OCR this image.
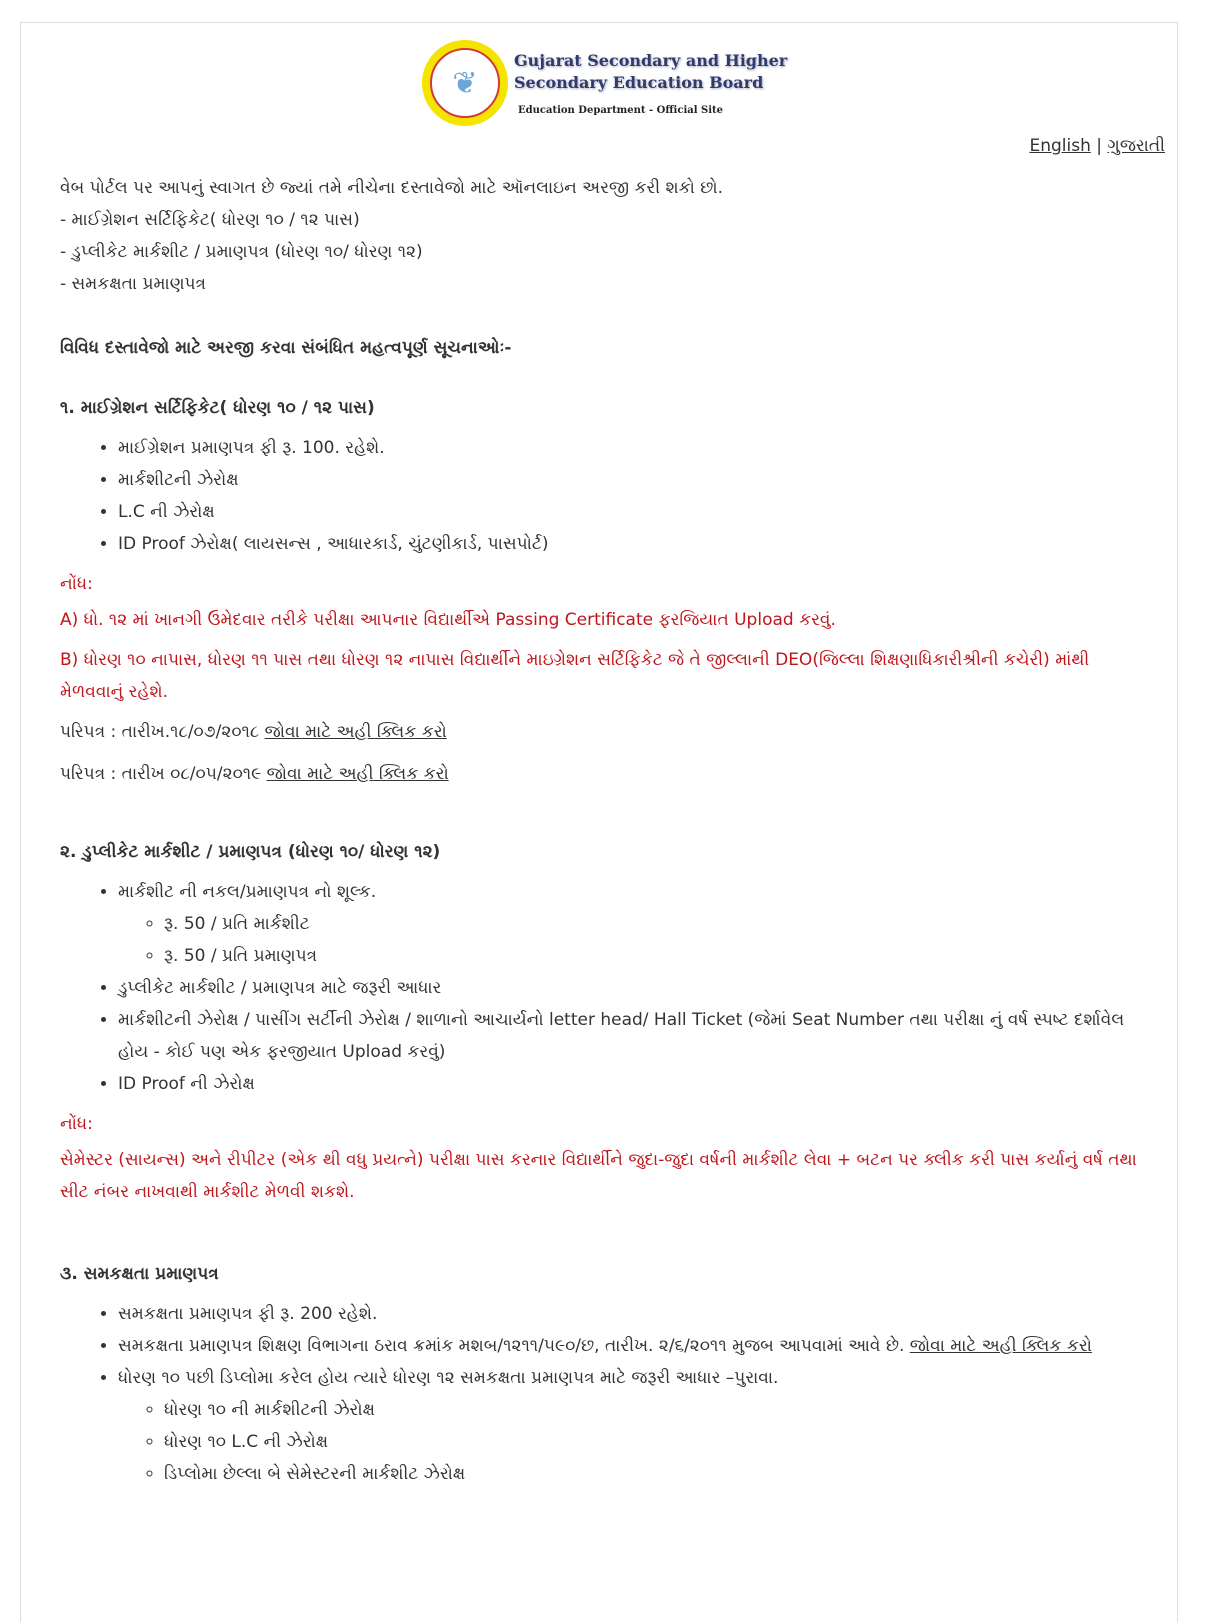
❦
Gujarat Secondary and Higher
Secondary Education Board
Education Department - Official Site
English | ગુજરાતી

વેબ પોર્ટલ પર આપનું સ્વાગત છે જ્યાં તમે નીચેના દસ્તાવેજો માટે ઑનલાઇન અરજી કરી શકો છો.

- માઈગ્રેશન સર્ટિફિકેટ( ધોરણ ૧૦ / ૧૨ પાસ)

- ડુપ્લીકેટ માર્કશીટ / પ્રમાણપત્ર (ધોરણ ૧૦/ ધોરણ ૧૨)

- સમકક્ષતા પ્રમાણપત્ર

વિવિધ દસ્તાવેજો માટે અરજી કરવા સંબંધિત મહત્વપૂર્ણ સૂચનાઓઃ-

૧. માઈગ્રેશન સર્ટિફિકેટ( ધોરણ ૧૦ / ૧૨ પાસ)
• માઈગ્રેશન પ્રમાણપત્ર ફી રૂ. 100. રહેશે.
• માર્કશીટની ઝેરોક્ષ
• L.C ની ઝેરોક્ષ
• ID Proof ઝેરોક્ષ( લાયસન્સ , આધારકાર્ડ, ચુંટણીકાર્ડ, પાસપોર્ટ)

નોંધ:

A) ધો. ૧૨ માં ખાનગી ઉમેદવાર તરીકે પરીક્ષા આપનાર વિદ્યાર્થીએ Passing Certificate ફરજિયાત Upload કરવું.

B) ધોરણ ૧૦ નાપાસ, ધોરણ ૧૧ પાસ તથા ધોરણ ૧૨ નાપાસ વિદ્યાર્થીને માઇગ્રેશન સર્ટિફિકેટ જે તે જીલ્લાની DEO(જિલ્લા શિક્ષણાધિકારીશ્રીની કચેરી) માંથી મેળવવાનું રહેશે.

પરિપત્ર : તારીખ.૧૮/૦૭/૨૦૧૮ જોવા માટે અહી ક્લિક કરો

પરિપત્ર : તારીખ ૦૮/૦૫/૨૦૧૯ જોવા માટે અહી ક્લિક કરો

૨. ડુપ્લીકેટ માર્કશીટ / પ્રમાણપત્ર (ધોરણ ૧૦/ ધોરણ ૧૨)
• માર્કશીટ ની નકલ/પ્રમાણપત્ર નો શૂલ્ક.
◦ રૂ. 50 / પ્રતિ માર્કશીટ
◦ રૂ. 50 / પ્રતિ પ્રમાણપત્ર
• ડુપ્લીકેટ માર્કશીટ / પ્રમાણપત્ર માટે જરૂરી આધાર
• માર્કશીટની ઝેરોક્ષ / પાસીંગ સર્ટીની ઝેરોક્ષ / શાળાનો આચાર્યનો letter head/ Hall Ticket (જેમાં Seat Number તથા પરીક્ષા નું વર્ષ સ્પષ્ટ દર્શાવેલ હોય - કોઈ પણ એક ફરજીયાત Upload કરવું)
• ID Proof ની ઝેરોક્ષ

નોંધ:

સેમેસ્ટર (સાયન્સ) અને રીપીટર (એક થી વધુ પ્રયત્ને) પરીક્ષા પાસ કરનાર વિદ્યાર્થીને જુદા-જુદા વર્ષની માર્કશીટ લેવા + બટન પર ક્લીક કરી પાસ કર્યાનું વર્ષ તથા સીટ નંબર નાખવાથી માર્કશીટ મેળવી શકશે.

૩. સમકક્ષતા પ્રમાણપત્ર
• સમકક્ષતા પ્રમાણપત્ર ફી રૂ. 200 રહેશે.
• સમકક્ષતા પ્રમાણપત્ર શિક્ષણ વિભાગના ઠરાવ ક્રમાંક મશબ/૧૨૧૧/૫૯૦/છ, તારીખ. ૨/૬/૨૦૧૧ મુજબ આપવામાં આવે છે. જોવા માટે અહી ક્લિક કરો
• ધોરણ ૧૦ પછી ડિપ્લોમા કરેલ હોય ત્યારે ધોરણ ૧૨ સમકક્ષતા પ્રમાણપત્ર માટે જરૂરી આધાર –પુરાવા.
◦ ધોરણ ૧૦ ની માર્કશીટની ઝેરોક્ષ
◦ ધોરણ ૧૦ L.C ની ઝેરોક્ષ
◦ ડિપ્લોમા છેલ્લા બે સેમેસ્ટરની માર્કશીટ ઝેરોક્ષ
